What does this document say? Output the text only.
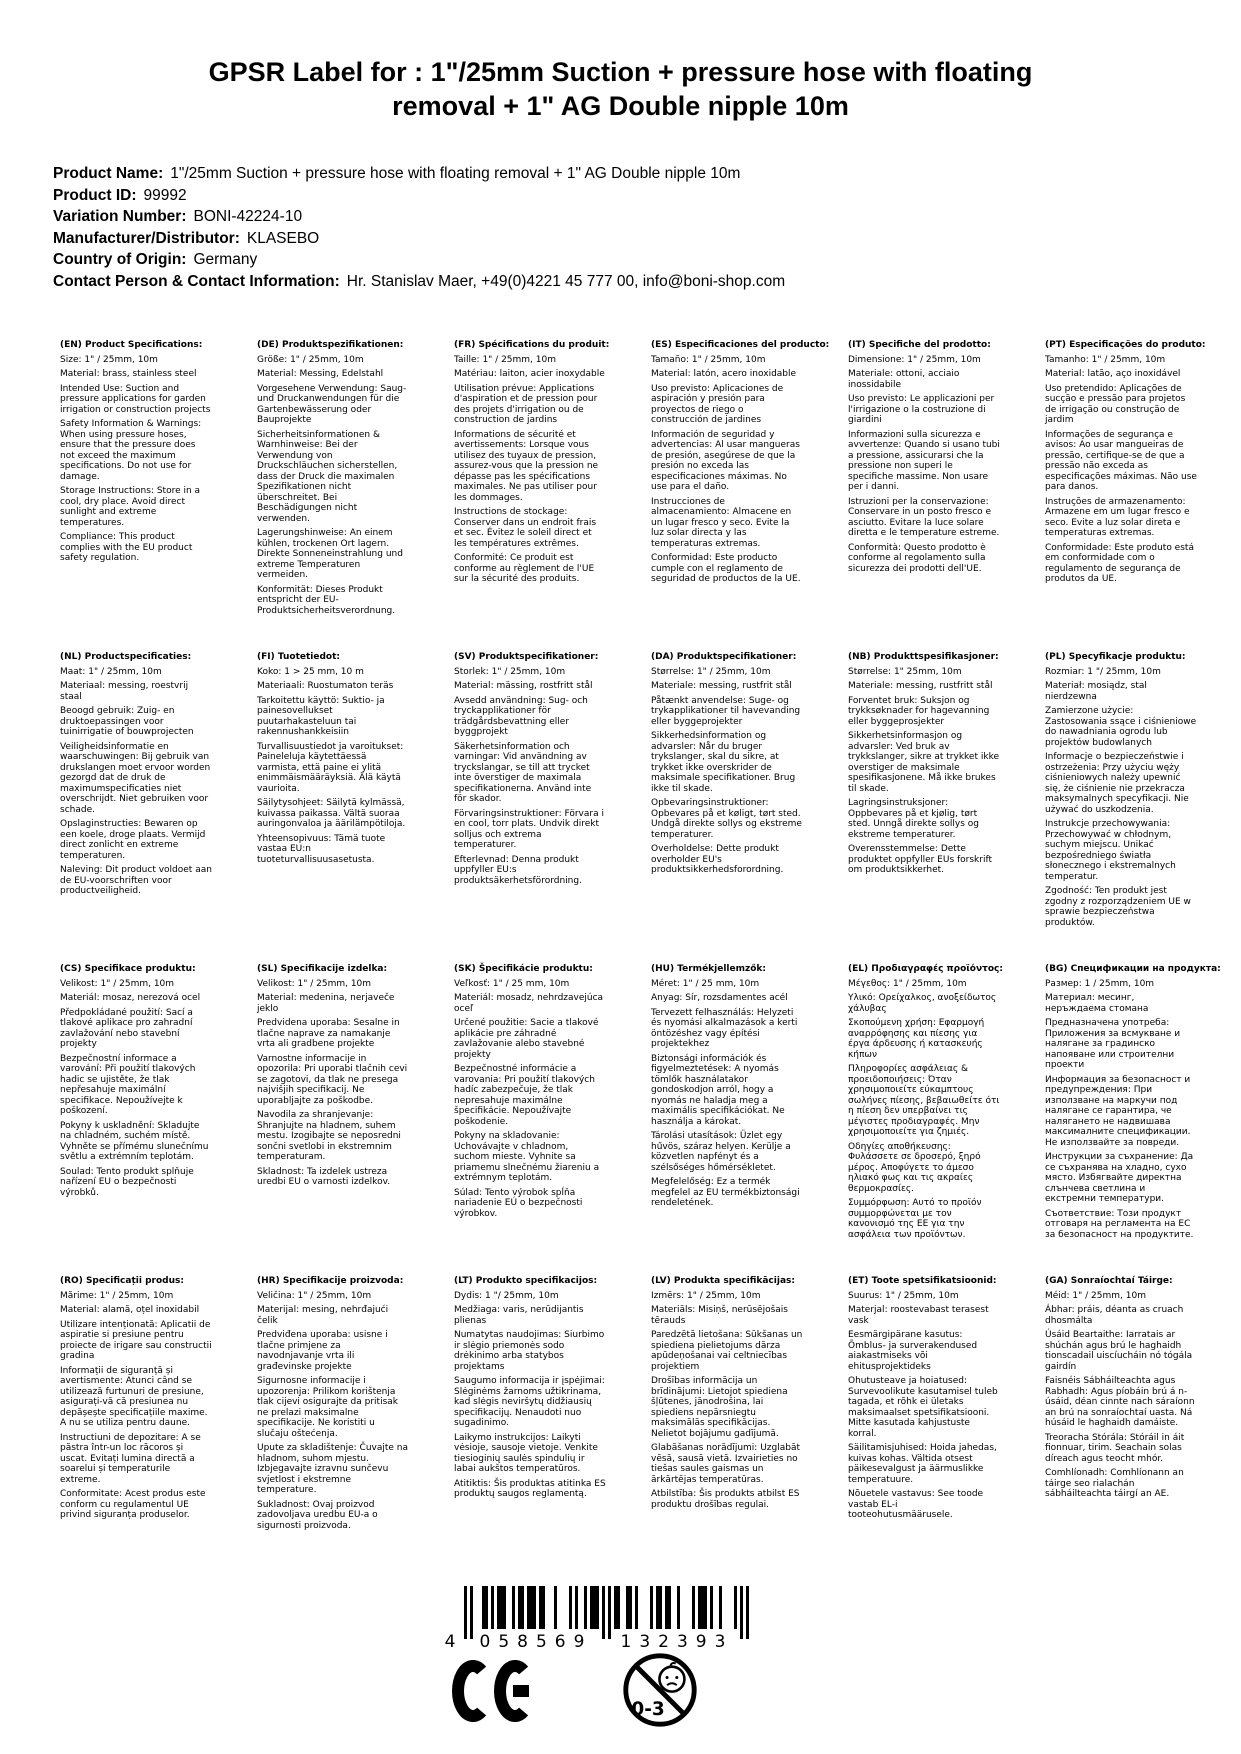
GPSR Label for : 1"/25mm Suction + pressure hose with floating
removal + 1" AG Double nipple 10m
Product Name: 1"/25mm Suction + pressure hose with floating removal + 1" AG Double nipple 10m
Product ID: 99992
Variation Number: BONI-42224-10
Manufacturer/Distributor: KLASEBO
Country of Origin: Germany
Contact Person & Contact Information: Hr. Stanislav Maer, +49(0)4221 45 777 00, info@boni-shop.com
(EN) Product Specifications:
Size: 1" / 25mm, 10m
Material: brass, stainless steel
Intended Use: Suction and pressure applications for garden irrigation or construction projects
Safety Information & Warnings: When using pressure hoses, ensure that the pressure does not exceed the maximum specifications. Do not use for damage.
Storage Instructions: Store in a cool, dry place. Avoid direct sunlight and extreme temperatures.
Compliance: This product complies with the EU product safety regulation.
(DE) Produktspezifikationen:
Größe: 1" / 25mm, 10m
Material: Messing, Edelstahl
Vorgesehene Verwendung: Saug- und Druckanwendungen für die Gartenbewässerung oder Bauprojekte
Sicherheitsinformationen & Warnhinweise: Bei der Verwendung von Druckschläuchen sicherstellen, dass der Druck die maximalen Spezifikationen nicht überschreitet. Bei Beschädigungen nicht verwenden.
Lagerungshinweise: An einem kühlen, trockenen Ort lagern. Direkte Sonneneinstrahlung und extreme Temperaturen vermeiden.
Konformität: Dieses Produkt entspricht der EU-Produktsicherheitsverordnung.
(FR) Spécifications du produit:
Taille: 1" / 25mm, 10m
Matériau: laiton, acier inoxydable
Utilisation prévue: Applications d'aspiration et de pression pour des projets d'irrigation ou de construction de jardins
Informations de sécurité et avertissements: Lorsque vous utilisez des tuyaux de pression, assurez-vous que la pression ne dépasse pas les spécifications maximales. Ne pas utiliser pour les dommages.
Instructions de stockage: Conserver dans un endroit frais et sec. Évitez le soleil direct et les températures extrêmes.
Conformité: Ce produit est conforme au règlement de l'UE sur la sécurité des produits.
(ES) Especificaciones del producto:
Tamaño: 1" / 25mm, 10m
Material: latón, acero inoxidable
Uso previsto: Aplicaciones de aspiración y presión para proyectos de riego o construcción de jardines
Información de seguridad y advertencias: Al usar mangueras de presión, asegúrese de que la presión no exceda las especificaciones máximas. No use para el daño.
Instrucciones de almacenamiento: Almacene en un lugar fresco y seco. Evite la luz solar directa y las temperaturas extremas.
Conformidad: Este producto cumple con el reglamento de seguridad de productos de la UE.
(IT) Specifiche del prodotto:
Dimensione: 1" / 25mm, 10m
Materiale: ottoni, acciaio inossidabile
Uso previsto: Le applicazioni per l'irrigazione o la costruzione di giardini
Informazioni sulla sicurezza e avvertenze: Quando si usano tubi a pressione, assicurarsi che la pressione non superi le specifiche massime. Non usare per i danni.
Istruzioni per la conservazione: Conservare in un posto fresco e asciutto. Evitare la luce solare diretta e le temperature estreme.
Conformità: Questo prodotto è conforme al regolamento sulla sicurezza dei prodotti dell'UE.
(PT) Especificações do produto:
Tamanho: 1" / 25mm, 10m
Material: latão, aço inoxidável
Uso pretendido: Aplicações de sucção e pressão para projetos de irrigação ou construção de jardim
Informações de segurança e avisos: Ao usar mangueiras de pressão, certifique-se de que a pressão não exceda as especificações máximas. Não use para danos.
Instruções de armazenamento: Armazene em um lugar fresco e seco. Evite a luz solar direta e temperaturas extremas.
Conformidade: Este produto está em conformidade com o regulamento de segurança de produtos da UE.
(NL) Productspecificaties:
Maat: 1" / 25mm, 10m
Materiaal: messing, roestvrij staal
Beoogd gebruik: Zuig- en druktoepassingen voor tuinirrigatie of bouwprojecten
Veiligheidsinformatie en waarschuwingen: Bij gebruik van drukslangen moet ervoor worden gezorgd dat de druk de maximumspecificaties niet overschrijdt. Niet gebruiken voor schade.
Opslaginstructies: Bewaren op een koele, droge plaats. Vermijd direct zonlicht en extreme temperaturen.
Naleving: Dit product voldoet aan de EU-voorschriften voor productveiligheid.
(FI) Tuotetiedot:
Koko: 1 > 25 mm, 10 m
Materiaali: Ruostumaton teräs
Tarkoitettu käyttö: Suktio- ja painesovellukset puutarhakasteluun tai rakennushankkeisiin
Turvallisuustiedot ja varoitukset: Paineleluja käytettäessä varmista, että paine ei ylitä enimmäismääräyksiä. Älä käytä vaurioita.
Säilytysohjeet: Säilytä kylmässä, kuivassa paikassa. Vältä suoraa auringonvaloa ja äärilämpötiloja.
Yhteensopivuus: Tämä tuote vastaa EU:n tuoteturvallisuusasetusta.
(SV) Produktspecifikationer:
Storlek: 1" / 25mm, 10m
Material: mässing, rostfritt stål
Avsedd användning: Sug- och tryckapplikationer för trädgårdsbevattning eller byggprojekt
Säkerhetsinformation och varningar: Vid användning av tryckslangar, se till att trycket inte överstiger de maximala specifikationerna. Använd inte för skador.
Förvaringsinstruktioner: Förvara i en cool, torr plats. Undvik direkt solljus och extrema temperaturer.
Efterlevnad: Denna produkt uppfyller EU:s produktsäkerhetsförordning.
(DA) Produktspecifikationer:
Størrelse: 1" / 25mm, 10m
Materiale: messing, rustfrit stål
Påtænkt anvendelse: Suge- og trykapplikationer til havevanding eller byggeprojekter
Sikkerhedsinformation og advarsler: Når du bruger trykslanger, skal du sikre, at trykket ikke overskrider de maksimale specifikationer. Brug ikke til skade.
Opbevaringsinstruktioner: Opbevares på et køligt, tørt sted. Undgå direkte sollys og ekstreme temperaturer.
Overholdelse: Dette produkt overholder EU's produktsikkerhedsforordning.
(NB) Produkttspesifikasjoner:
Størrelse: 1" 25mm, 10m
Materiale: messing, rustfritt stål
Forventet bruk: Suksjon og trykksøknader for hagevanning eller byggeprosjekter
Sikkerhetsinformasjon og advarsler: Ved bruk av trykkslanger, sikre at trykket ikke overstiger de maksimale spesifikasjonene. Må ikke brukes til skade.
Lagringsinstruksjoner: Oppbevares på et kjølig, tørt sted. Unngå direkte sollys og ekstreme temperaturer.
Overensstemmelse: Dette produktet oppfyller EUs forskrift om produktsikkerhet.
(PL) Specyfikacje produktu:
Rozmiar: 1 "/ 25mm, 10m
Materiał: mosiądz, stal nierdzewna
Zamierzone użycie: Zastosowania ssące i ciśnieniowe do nawadniania ogrodu lub projektów budowlanych
Informacje o bezpieczeństwie i ostrzeżenia: Przy użyciu węży ciśnieniowych należy upewnić się, że ciśnienie nie przekracza maksymalnych specyfikacji. Nie używać do uszkodzenia.
Instrukcje przechowywania: Przechowywać w chłodnym, suchym miejscu. Unikać bezpośredniego światła słonecznego i ekstremalnych temperatur.
Zgodność: Ten produkt jest zgodny z rozporządzeniem UE w sprawie bezpieczeństwa produktów.
(CS) Specifikace produktu:
Velikost: 1" / 25mm, 10m
Materiál: mosaz, nerezová ocel
Předpokládané použití: Sací a tlakové aplikace pro zahradní zavlažování nebo stavební projekty
Bezpečnostní informace a varování: Při použití tlakových hadic se ujistěte, že tlak nepřesahuje maximální specifikace. Nepoužívejte k poškození.
Pokyny k uskladnění: Skladujte na chladném, suchém místě. Vyhněte se přímému slunečnímu světlu a extrémním teplotám.
Soulad: Tento produkt splňuje nařízení EU o bezpečnosti výrobků.
(SL) Specifikacije izdelka:
Velikost: 1" / 25mm, 10m
Material: medenina, nerjaveče jeklo
Predvidena uporaba: Sesalne in tlačne naprave za namakanje vrta ali gradbene projekte
Varnostne informacije in opozorila: Pri uporabi tlačnih cevi se zagotovi, da tlak ne presega najvišjih specifikacij. Ne uporabljajte za poškodbe.
Navodila za shranjevanje: Shranjujte na hladnem, suhem mestu. Izogibajte se neposredni sončni svetlobi in ekstremnim temperaturam.
Skladnost: Ta izdelek ustreza uredbi EU o varnosti izdelkov.
(SK) Špecifikácie produktu:
Veľkosť: 1" / 25 mm, 10m
Materiál: mosadz, nehrdzavejúca oceľ
Určené použitie: Sacie a tlakové aplikácie pre záhradné zavlažovanie alebo stavebné projekty
Bezpečnostné informácie a varovania: Pri použití tlakových hadíc zabezpečuje, že tlak nepresahuje maximálne špecifikácie. Nepoužívajte poškodenie.
Pokyny na skladovanie: Uchovávajte v chladnom, suchom mieste. Vyhnite sa priamemu slnečnému žiareniu a extrémnym teplotám.
Súlad: Tento výrobok spĺňa nariadenie EÚ o bezpečnosti výrobkov.
(HU) Termékjellemzők:
Méret: 1" / 25 mm, 10m
Anyag: Sír, rozsdamentes acél
Tervezett felhasználás: Helyzeti és nyomási alkalmazások a kerti öntözéshez vagy építési projektekhez
Biztonsági információk és figyelmeztetések: A nyomás tömlők használatakor gondoskodjon arról, hogy a nyomás ne haladja meg a maximális specifikációkat. Ne használja a károkat.
Tárolási utasítások: Üzlet egy hűvös, száraz helyen. Kerülje a közvetlen napfényt és a szélsőséges hőmérsékletet.
Megfelelőség: Ez a termék megfelel az EU termékbiztonsági rendeletének.
(EL) Προδιαγραφές προϊόντος:
Μέγεθος: 1" / 25mm, 10m
Υλικό: Ορείχαλκος, ανοξείδωτος χάλυβας
Σκοπούμενη χρήση: Εφαρμογή αναρρόφησης και πίεσης για έργα άρδευσης ή κατασκευής κήπων
Πληροφορίες ασφάλειας & προειδοποιήσεις: Όταν χρησιμοποιείτε εύκαμπτους σωλήνες πίεσης, βεβαιωθείτε ότι η πίεση δεν υπερβαίνει τις μέγιστες προδιαγραφές. Μην χρησιμοποιείτε για ζημιές.
Οδηγίες αποθήκευσης: Φυλάσσετε σε δροσερό, ξηρό μέρος. Αποφύγετε το άμεσο ηλιακό φως και τις ακραίες θερμοκρασίες.
Συμμόρφωση: Αυτό το προϊόν συμμορφώνεται με τον κανονισμό της ΕΕ για την ασφάλεια των προϊόντων.
(BG) Спецификации на продукта:
Размер: 1 / 25mm, 10m
Материал: месинг, неръждаема стомана
Предназначена употреба: Приложения за всмукване и налягане за градинско напояване или строителни проекти
Информация за безопасност и предупреждения: При използване на маркучи под налягане се гарантира, че налягането не надвишава максималните спецификации. Не използвайте за повреди.
Инструкции за съхранение: Да се съхранява на хладно, сухо място. Избягвайте директна слънчева светлина и екстремни температури.
Съответствие: Този продукт отговаря на регламента на ЕС за безопасност на продуктите.
(RO) Specificații produs:
Mărime: 1" / 25mm, 10m
Material: alamă, oțel inoxidabil
Utilizare intenționată: Aplicatii de aspiratie si presiune pentru proiecte de irigare sau constructii gradina
Informații de siguranță și avertismente: Atunci când se utilizează furtunuri de presiune, asigurați-vă că presiunea nu depășește specificațiile maxime. A nu se utiliza pentru daune.
Instructiuni de depozitare: A se păstra într-un loc răcoros și uscat. Evitați lumina directă a soarelui și temperaturile extreme.
Conformitate: Acest produs este conform cu regulamentul UE privind siguranța produselor.
(HR) Specifikacije proizvoda:
Veličina: 1" / 25mm, 10m
Materijal: mesing, nehrđajući čelik
Predviđena uporaba: usisne i tlačne primjene za navodnjavanje vrta ili građevinske projekte
Sigurnosne informacije i upozorenja: Prilikom korištenja tlak cijevi osigurajte da pritisak ne prelazi maksimalne specifikacije. Ne koristiti u slučaju oštećenja.
Upute za skladištenje: Čuvajte na hladnom, suhom mjestu. Izbjegavajte izravnu sunčevu svjetlost i ekstremne temperature.
Sukladnost: Ovaj proizvod zadovoljava uredbu EU-a o sigurnosti proizvoda.
(LT) Produkto specifikacijos:
Dydis: 1 "/ 25mm, 10m
Medžiaga: varis, nerūdijantis plienas
Numatytas naudojimas: Siurbimo ir slėgio priemonės sodo drėkinimo arba statybos projektams
Saugumo informacija ir įspėjimai: Slėginėms žarnoms užtikrinama, kad slėgis neviršytų didžiausių specifikacijų. Nenaudoti nuo sugadinimo.
Laikymo instrukcijos: Laikyti vėsioje, sausoje vietoje. Venkite tiesioginių saulės spindulių ir labai aukštos temperatūros.
Atitiktis: Šis produktas atitinka ES produktų saugos reglamentą.
(LV) Produkta specifikācijas:
Izmērs: 1" / 25mm, 10m
Materiāls: Misiņš, nerūsējošais tērauds
Paredzētā lietošana: Sūkšanas un spiediena pielietojums dārza apūdeņošanai vai celtniecības projektiem
Drošības informācija un brīdinājumi: Lietojot spiediena šļūtenes, jānodrošina, lai spiediens nepārsniegtu maksimālās specifikācijas. Nelietot bojājumu gadījumā.
Glabāšanas norādījumi: Uzglabāt vēsā, sausā vietā. Izvairieties no tiešas saules gaismas un ārkārtējas temperatūras.
Atbilstība: Šis produkts atbilst ES produktu drošības regulai.
(ET) Toote spetsifikatsioonid:
Suurus: 1" / 25mm, 10m
Materjal: roostevabast terasest vask
Eesmärgipärane kasutus: Õmblus- ja surverakendused aiakastmiseks või ehitusprojektideks
Ohutusteave ja hoiatused: Survevoolikute kasutamisel tuleb tagada, et rõhk ei ületaks maksimaalset spetsifikatsiooni. Mitte kasutada kahjustuste korral.
Säilitamisjuhised: Hoida jahedas, kuivas kohas. Vältida otsest päikesevalgust ja äärmuslikke temperatuure.
Nõuetele vastavus: See toode vastab EL-i tooteohutusmäärusele.
(GA) Sonraíochtaí Táirge:
Méid: 1" / 25mm, 10m
Ábhar: práis, déanta as cruach dhosmálta
Úsáid Beartaithe: Iarratais ar shúchán agus brú le haghaidh tionscadail uiscíucháin nó tógála gairdín
Faisnéis Sábháilteachta agus Rabhadh: Agus píobáin brú á n-úsáid, déan cinnte nach sáraíonn an brú na sonraíochtaí uasta. Ná húsáid le haghaidh damáiste.
Treoracha Stórála: Stóráil in áit fionnuar, tirim. Seachain solas díreach agus teocht mhór.
Comhlíonadh: Comhlíonann an táirge seo rialachán sábháilteachta táirgí an AE.
4 058569 132393
0-3
